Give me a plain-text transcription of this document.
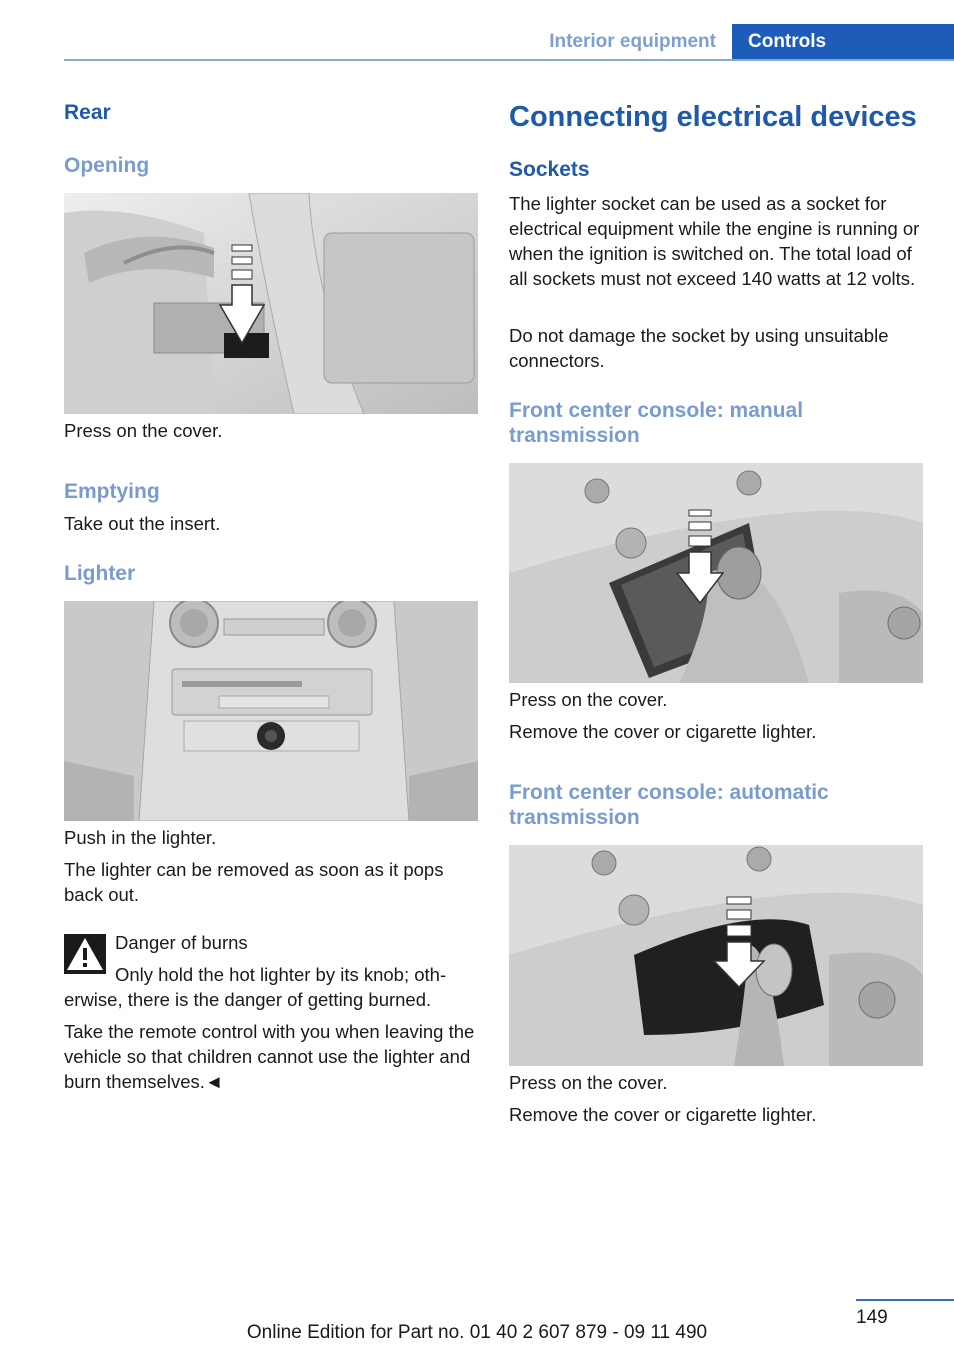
Interior equipment	Controls
Rear
Opening
Press on the cover.
Emptying
Take out the insert.
Lighter
Push in the lighter.
The lighter can be removed as soon as it pops back out.
Danger of burns
Only hold the hot lighter by its knob; oth-erwise, there is the danger of getting burned.
Take the remote control with you when leaving the vehicle so that children cannot use the lighter and burn themselves.◄
Connecting electrical devices
Sockets
The lighter socket can be used as a socket for electrical equipment while the engine is running or when the ignition is switched on. The total load of all sockets must not exceed 140 watts at 12 volts.
Do not damage the socket by using unsuitable connectors.
Front center console: manual transmission
Press on the cover.
Remove the cover or cigarette lighter.
Front center console: automatic transmission
Press on the cover.
Remove the cover or cigarette lighter.
149
Online Edition for Part no. 01 40 2 607 879 - 09 11 490
